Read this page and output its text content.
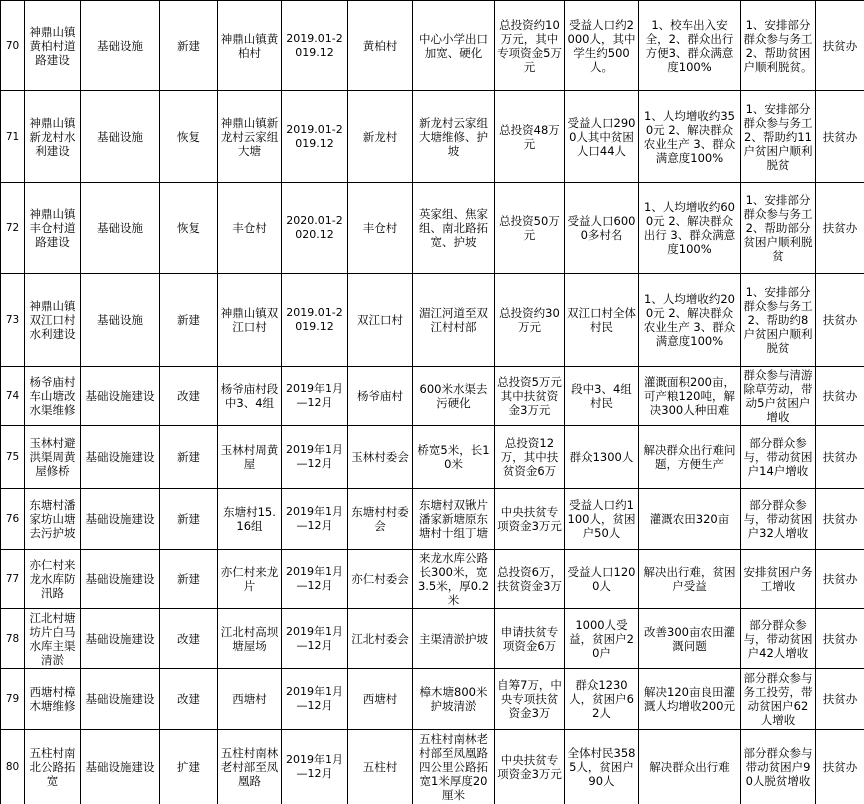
70	神鼎山镇黄柏村道路建设	基础设施	新建	神鼎山镇黄柏村	2019.01-2019.12	黄柏村	中心小学出口加宽、硬化	总投资约10万元，其中专项资金5万元	受益人口约2000人，其中学生约500人。	1、校车出入安全，2、群众出行方便3、群众满意度100%	1、安排部分群众参与务工 2、帮助贫困户顺利脱贫。	扶贫办
71	神鼎山镇新龙村水利建设	基础设施	恢复	神鼎山镇新龙村云家组大塘	2019.01-2019.12	新龙村	新龙村云家组大塘维修、护坡	总投资48万元	受益人口2900人其中贫困人口44人	1、人均增收约350元 2、解决群众农业生产 3、群众满意度100%	1、安排部分群众参与务工 2、帮助约11户贫困户顺利脱贫	扶贫办
72	神鼎山镇丰仓村道路建设	基础设施	恢复	丰仓村	2020.01-2020.12	丰仓村	英家组、焦家组、南北路拓宽、护坡	总投资50万元	受益人口6000多村名	1、人均增收约600元 2、解决群众出行 3、群众满意度100%	1、安排部分群众参与务工 2、帮助部分贫困户顺利脱贫	扶贫办
73	神鼎山镇双江口村水利建设	基础设施	新建	神鼎山镇双江口村	2019.01-2019.12	双江口村	湄江河道至双江村村部	总投资约30万元	双江口村全体村民	1、人均增收约200元 2、解决群众农业生产 3、群众满意度100%	1、安排部分群众参与务工 2、帮助约8户贫困户顺利脱贫	扶贫办
74	杨爷庙村车山塘改水渠维修	基础设施建设	改建	杨爷庙村段中3、4组	2019年1月—12月	杨爷庙村	600米水渠去污硬化	总投资5万元其中扶贫资金3万元	段中3、4组村民	灌溉面积200亩，可产粮120吨，解决300人种田难	群众参与清游除草劳动，带动5户贫困户增收	扶贫办
75	玉林村避洪渠周黄屋修桥	基础设施建设	新建	玉林村周黄屋	2019年1月—12月	玉林村委会	桥宽5米，长10米	总投资12万，其中扶贫资金6万	群众1300人	解决群众出行难问题，方便生产	部分群众参与，带动贫困户14户增收	扶贫办
76	东塘村潘家坊山塘去污护坡	基础设施建设	新建	东塘村15.16组	2019年1月—12月	东塘村村委会	东塘村双锹片潘家新塘原东塘村十组丁塘	中央扶贫专项资金3万元	受益人口约1100人，贫困户50人	灌溉农田320亩	部分群众参与，带动贫困户32人增收	扶贫办
77	亦仁村来龙水库防汛路	基础设施建设	新建	亦仁村来龙片	2019年1月—12月	亦仁村委会	来龙水库公路长300米，宽3.5米，厚0.2米	总投资6万，扶贫资金3万	受益人口1200人	解决出行难，贫困户受益	安排贫困户务工增收	扶贫办
78	江北村塘坊片白马水库主渠清淤	基础设施建设	改建	江北村高坝塘屋场	2019年1月—12月	江北村委会	主渠清淤护坡	申请扶贫专项资金6万	1000人受益，贫困户20户	改善300亩农田灌溉问题	部分群众参与，带动贫困户42人增收	扶贫办
79	西塘村樟木塘维修	基础设施建设	改建	西塘村	2019年1月—12月	西塘村	樟木塘800米护坡清淤	自筹7万，中央专项扶贫资金3万	群众1230人，贫困户62人	解决120亩良田灌溉人均增收200元	部分群众参与务工投劳，带动贫困户62人增收	扶贫办
80	五柱村南北公路拓宽	基础设施建设	扩建	五柱村南林老村部至凤凰路	2019年1月—12月	五柱村	五柱村南林老村部至凤凰路四公里公路拓宽1米厚度20厘米	中央扶贫专项资金3万元	全体村民3585人，贫困户90人	解决群众出行难	部分群众参与带动贫困户90人脱贫增收	扶贫办
